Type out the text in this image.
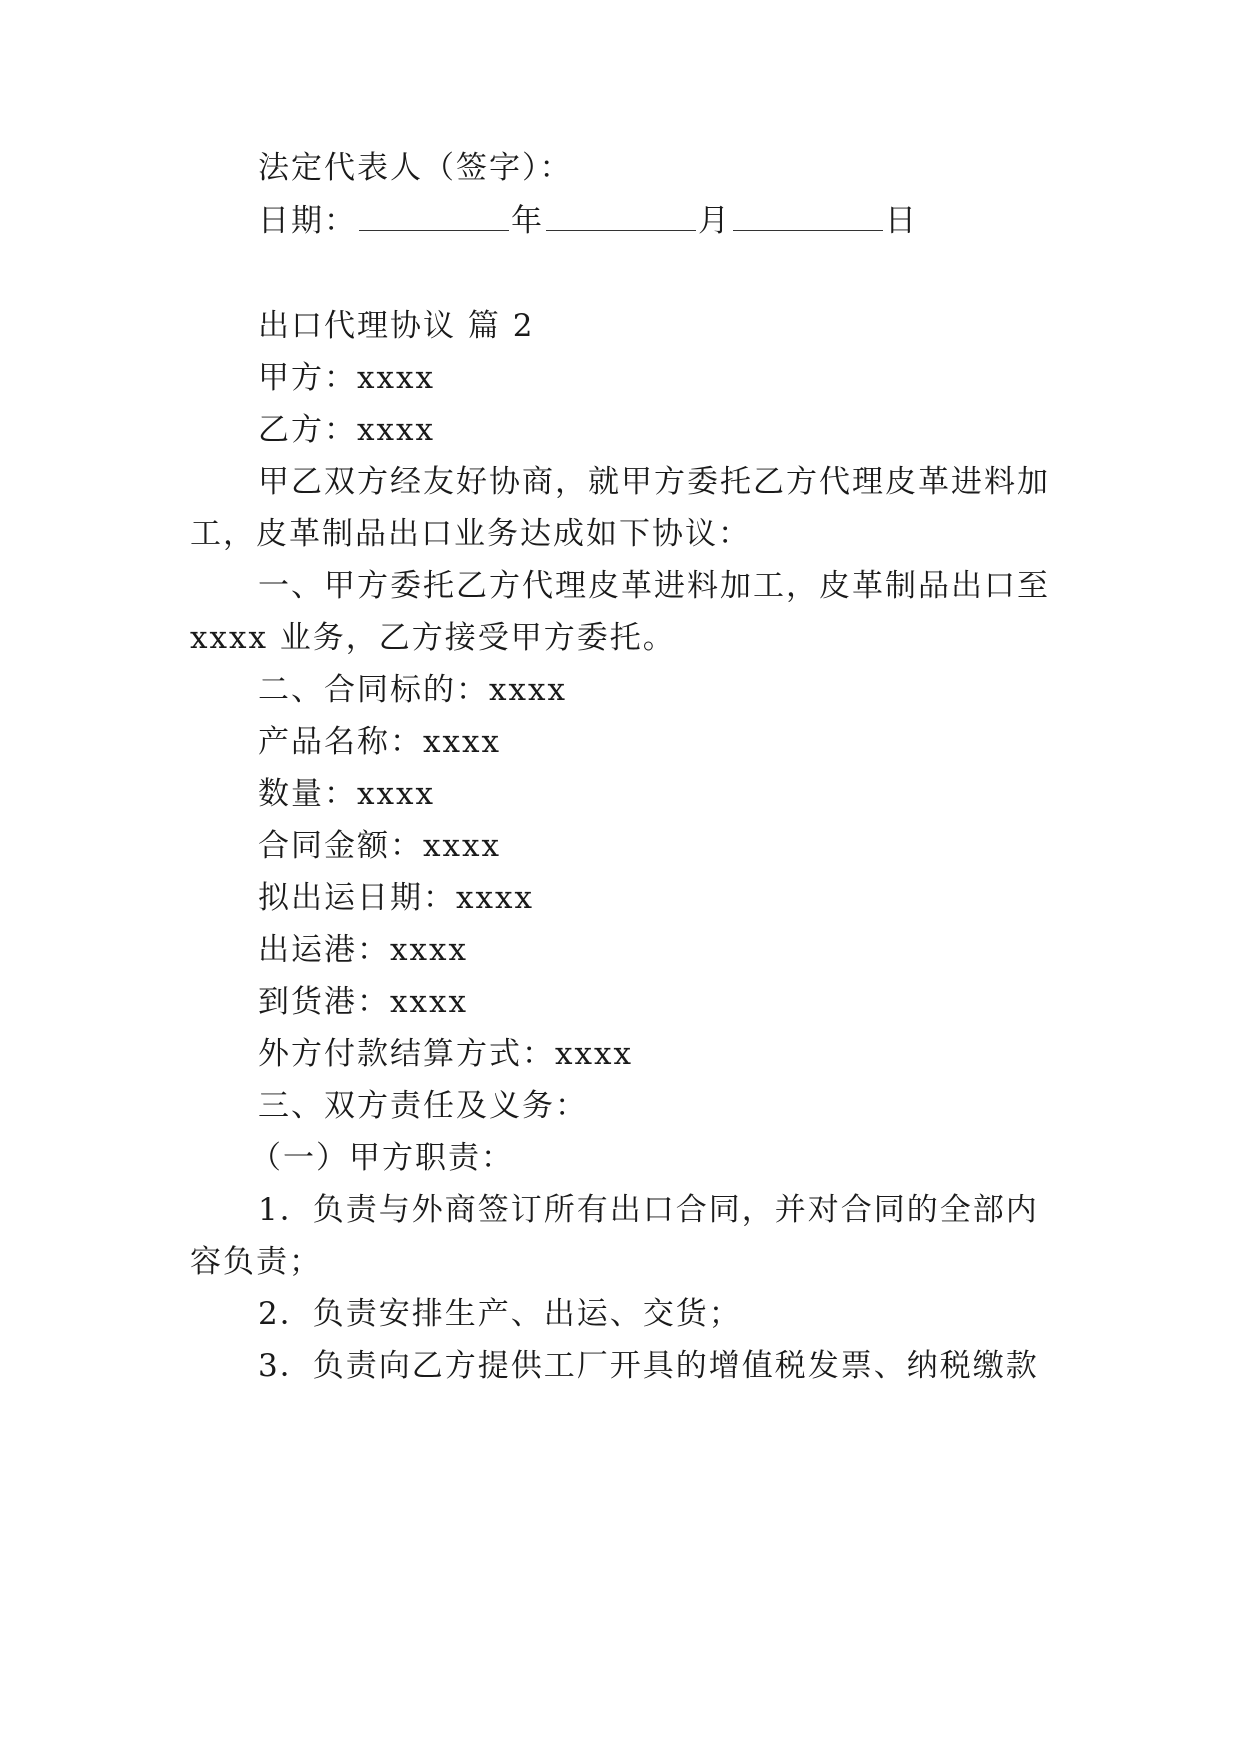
法定代表人（签字）：
日期：	年	月	日
出口代理协议 篇 2
甲方：xxxx
乙方：xxxx
甲乙双方经友好协商，就甲方委托乙方代理皮革进料加
工，皮革制品出口业务达成如下协议：
一、甲方委托乙方代理皮革进料加工，皮革制品出口至
xxxx 业务，乙方接受甲方委托。
二、合同标的：xxxx
产品名称：xxxx
数量：xxxx
合同金额：xxxx
拟出运日期：xxxx
出运港：xxxx
到货港：xxxx
外方付款结算方式：xxxx
三、双方责任及义务：
（一）甲方职责：
1．负责与外商签订所有出口合同，并对合同的全部内
容负责；
2．负责安排生产、出运、交货；
3．负责向乙方提供工厂开具的增值税发票、纳税缴款
